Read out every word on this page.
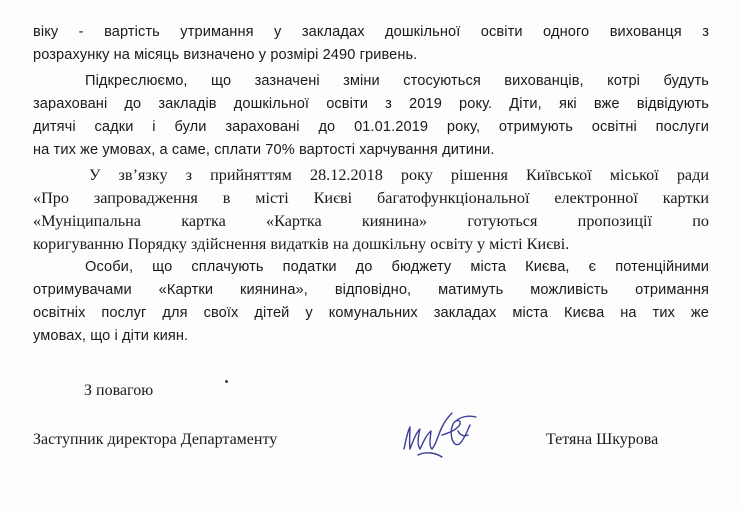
віку - вартість утримання у закладах дошкільної освіти одного вихованця з
розрахунку на місяць визначено у розмірі 2490 гривень.
Підкреслюємо, що зазначені зміни стосуються вихованців, котрі будуть
зараховані до закладів дошкільної освіти з 2019 року. Діти, які вже відвідують
дитячі садки і були зараховані до 01.01.2019 року, отримують освітні послуги
на тих же умовах, а саме, сплати 70% вартості харчування дитини.
У зв’язку з прийняттям 28.12.2018 року рішення Київської міської ради
«Про запровадження в місті Києві багатофункціональної електронної картки
«Муніципальна картка «Картка киянина» готуються пропозиції по
коригуванню Порядку здійснення видатків на дошкільну освіту у місті Києві.
Особи, що сплачують податки до бюджету міста Києва, є потенційними
отримувачами «Картки киянина», відповідно, матимуть можливість отримання
освітніх послуг для своїх дітей у комунальних закладах міста Києва на тих же
умовах, що і діти киян.
З повагою
Заступник директора Департаменту	Тетяна Шкурова
